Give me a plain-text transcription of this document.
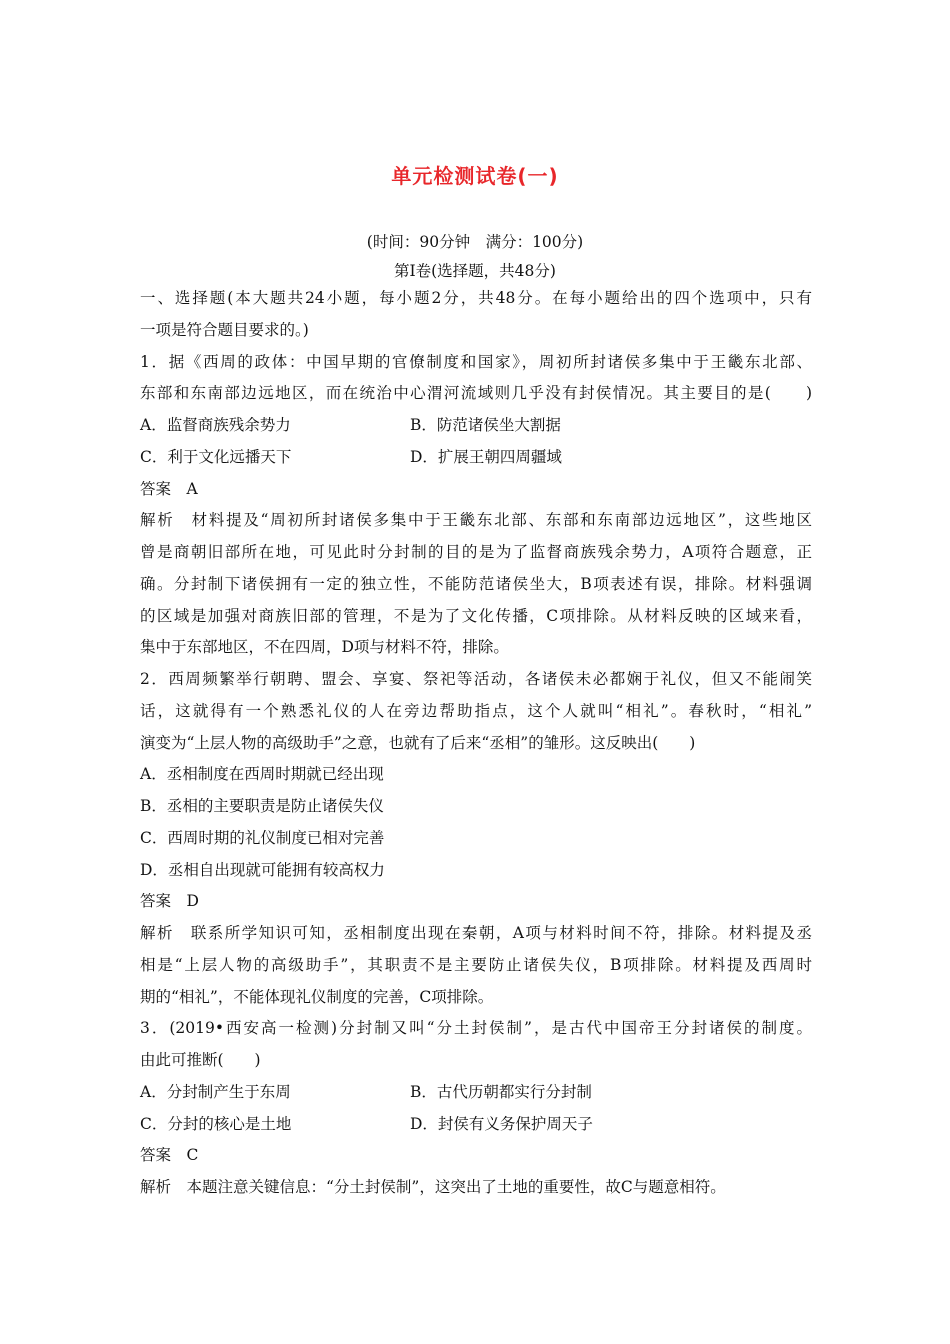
单元检测试卷(一)
(时间：90分钟　满分：100分)
第Ⅰ卷(选择题，共48分)
一、选择题(本大题共24小题，每小题2分，共48分。在每小题给出的四个选项中，只有
一项是符合题目要求的。)
1．据《西周的政体：中国早期的官僚制度和国家》，周初所封诸侯多集中于王畿东北部、
东部和东南部边远地区，而在统治中心渭河流域则几乎没有封侯情况。其主要目的是(　　)
A．监督商族残余势力	B．防范诸侯坐大割据
C．利于文化远播天下	D．扩展王朝四周疆域
答案　A
解析　材料提及“周初所封诸侯多集中于王畿东北部、东部和东南部边远地区”，这些地区
曾是商朝旧部所在地，可见此时分封制的目的是为了监督商族残余势力，A项符合题意，正
确。分封制下诸侯拥有一定的独立性，不能防范诸侯坐大，B项表述有误，排除。材料强调
的区域是加强对商族旧部的管理，不是为了文化传播，C项排除。从材料反映的区域来看，
集中于东部地区，不在四周，D项与材料不符，排除。
2．西周频繁举行朝聘、盟会、享宴、祭祀等活动，各诸侯未必都娴于礼仪，但又不能闹笑
话，这就得有一个熟悉礼仪的人在旁边帮助指点，这个人就叫“相礼”。春秋时，“相礼”
演变为“上层人物的高级助手”之意，也就有了后来“丞相”的雏形。这反映出(　　)
A．丞相制度在西周时期就已经出现
B．丞相的主要职责是防止诸侯失仪
C．西周时期的礼仪制度已相对完善
D．丞相自出现就可能拥有较高权力
答案　D
解析　联系所学知识可知，丞相制度出现在秦朝，A项与材料时间不符，排除。材料提及丞
相是“上层人物的高级助手”，其职责不是主要防止诸侯失仪，B项排除。材料提及西周时
期的“相礼”，不能体现礼仪制度的完善，C项排除。
3．(2019•西安高一检测)分封制又叫“分土封侯制”，是古代中国帝王分封诸侯的制度。
由此可推断(　　)
A．分封制产生于东周	B．古代历朝都实行分封制
C．分封的核心是土地	D．封侯有义务保护周天子
答案　C
解析　本题注意关键信息：“分土封侯制”，这突出了土地的重要性，故C与题意相符。
